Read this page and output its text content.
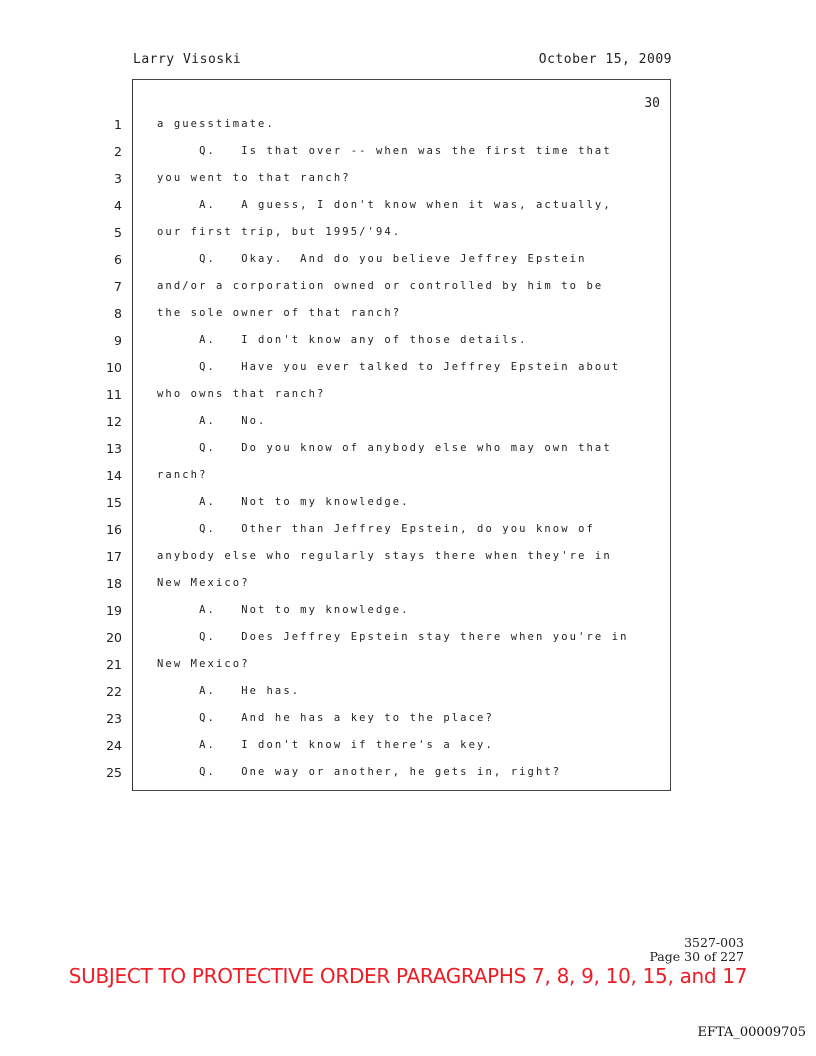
Larry Visoski	October 15, 2009
30
1	a guesstimate.
2	Q.   Is that over -- when was the first time that
3	you went to that ranch?
4	A.   A guess, I don't know when it was, actually,
5	our first trip, but 1995/'94.
6	Q.   Okay.  And do you believe Jeffrey Epstein
7	and/or a corporation owned or controlled by him to be
8	the sole owner of that ranch?
9	A.   I don't know any of those details.
10	Q.   Have you ever talked to Jeffrey Epstein about
11	who owns that ranch?
12	A.   No.
13	Q.   Do you know of anybody else who may own that
14	ranch?
15	A.   Not to my knowledge.
16	Q.   Other than Jeffrey Epstein, do you know of
17	anybody else who regularly stays there when they're in
18	New Mexico?
19	A.   Not to my knowledge.
20	Q.   Does Jeffrey Epstein stay there when you're in
21	New Mexico?
22	A.   He has.
23	Q.   And he has a key to the place?
24	A.   I don't know if there's a key.
25	Q.   One way or another, he gets in, right?
3527-003
Page 30 of 227
SUBJECT TO PROTECTIVE ORDER PARAGRAPHS 7, 8, 9, 10, 15, and 17
EFTA_00009705
